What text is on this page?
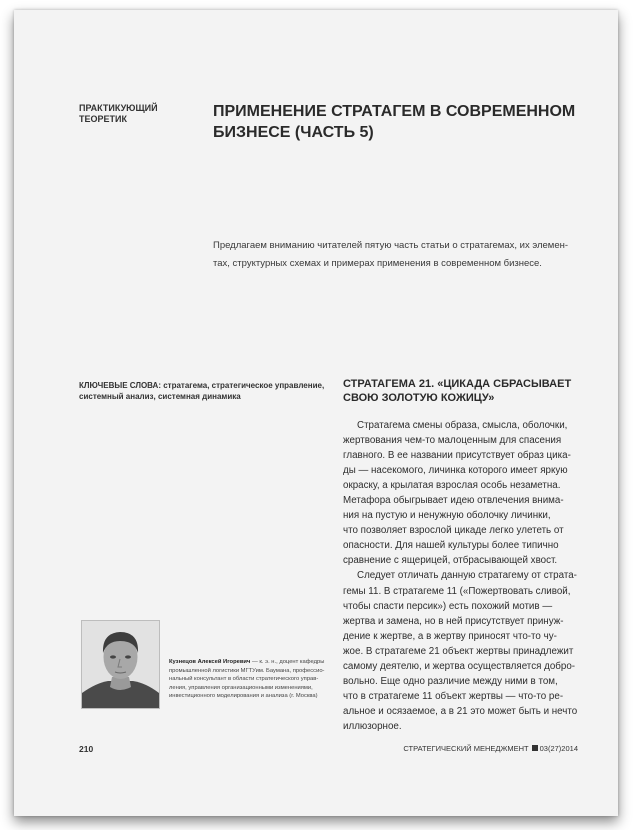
ПРАКТИКУЮЩИЙ
ТЕОРЕТИК	ПРИМЕНЕНИЕ СТРАТАГЕМ В СОВРЕМЕННОМ
БИЗНЕСЕ (ЧАСТЬ 5)
Предлагаем вниманию читателей пятую часть статьи о стратагемах, их элемен-
тах, структурных схемах и примерах применения в современном бизнесе.
КЛЮЧЕВЫЕ СЛОВА: стратагема, стратегическое управление,
системный анализ, системная динамика
СТРАТАГЕМА 21. «ЦИКАДА СБРАСЫВАЕТ
СВОЮ ЗОЛОТУЮ КОЖИЦУ»
Стратагема смены образа, смысла, оболочки,
жертвования чем-то малоценным для спасения
главного. В ее названии присутствует образ цика-
ды — насекомого, личинка которого имеет яркую
окраску, а крылатая взрослая особь незаметна.
Метафора обыгрывает идею отвлечения внима-
ния на пустую и ненужную оболочку личинки,
что позволяет взрослой цикаде легко улететь от
опасности. Для нашей культуры более типично
сравнение с ящерицей, отбрасывающей хвост.
Следует отличать данную стратагему от страта-
гемы 11. В стратагеме 11 («Пожертвовать сливой,
чтобы спасти персик») есть похожий мотив —
жертва и замена, но в ней присутствует принуж-
дение к жертве, а в жертву приносят что-то чу-
жое. В стратагеме 21 объект жертвы принадлежит
самому деятелю, и жертва осуществляется добро-
вольно. Еще одно различие между ними в том,
что в стратагеме 11 объект жертвы — что-то ре-
альное и осязаемое, а в 21 это может быть и нечто
иллюзорное.
Кузнецов Алексей Игоревич — к. э. н., доцент кафедры
промышленной логистики МГТУим. Баумана, профессио-
нальный консультант в области стратегического управ-
ления, управления организационными изменениями,
инвестиционного моделирования и анализа (г. Москва)
210	СТРАТЕГИЧЕСКИЙ МЕНЕДЖМЕНТ 03(27)2014
